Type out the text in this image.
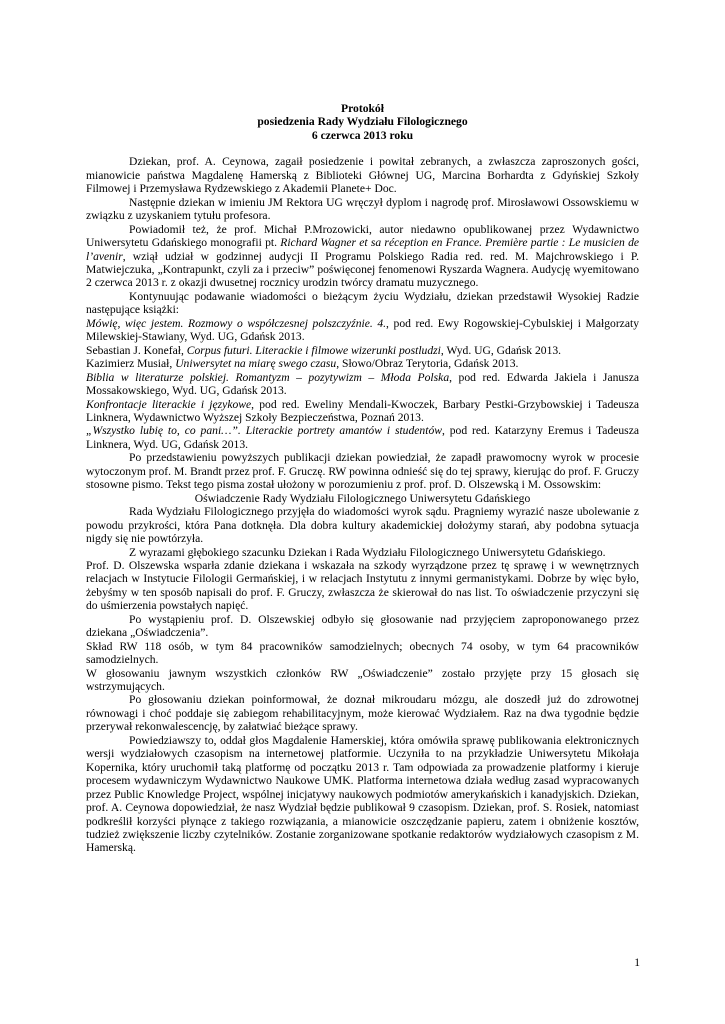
Protokół
posiedzenia Rady Wydziału Filologicznego
6 czerwca 2013 roku

Dziekan, prof. A. Ceynowa, zagaił posiedzenie i powitał zebranych, a zwłaszcza zaproszonych gości, mianowicie państwa Magdalenę Hamerską z Biblioteki Głównej UG, Marcina Borhardta z Gdyńskiej Szkoły Filmowej i Przemysława Rydzewskiego z Akademii Planete+ Doc.

Następnie dziekan w imieniu JM Rektora UG wręczył dyplom i nagrodę prof. Mirosławowi Ossowskiemu w związku z uzyskaniem tytułu profesora.

Powiadomił też, że prof. Michał P.Mrozowicki, autor niedawno opublikowanej przez Wydawnictwo Uniwersytetu Gdańskiego monografii pt. Richard Wagner et sa réception en France. Première partie : Le musicien de l’avenir, wziął udział w godzinnej audycji II Programu Polskiego Radia red. red. M. Majchrowskiego i P. Matwiejczuka, „Kontrapunkt, czyli za i przeciw” poświęconej fenomenowi Ryszarda Wagnera. Audycję wyemitowano 2 czerwca 2013 r. z okazji dwusetnej rocznicy urodzin twórcy dramatu muzycznego.

Kontynuując podawanie wiadomości o bieżącym życiu Wydziału, dziekan przedstawił Wysokiej Radzie następujące książki:

Mówię, więc jestem. Rozmowy o współczesnej polszczyźnie. 4., pod red. Ewy Rogowskiej-Cybulskiej i Małgorzaty Milewskiej-Stawiany, Wyd. UG, Gdańsk 2013.

Sebastian J. Konefał, Corpus futuri. Literackie i filmowe wizerunki postludzi, Wyd. UG, Gdańsk 2013.

Kazimierz Musiał, Uniwersytet na miarę swego czasu, Słowo/Obraz Terytoria, Gdańsk 2013.

Biblia w literaturze polskiej. Romantyzm – pozytywizm – Młoda Polska, pod red. Edwarda Jakiela i Janusza Mossakowskiego, Wyd. UG, Gdańsk 2013.

Konfrontacje literackie i językowe, pod red. Eweliny Mendali-Kwoczek, Barbary Pestki-Grzybowskiej i Tadeusza Linknera, Wydawnictwo Wyższej Szkoły Bezpieczeństwa, Poznań 2013.

„Wszystko lubię to, co pani…”. Literackie portrety amantów i studentów, pod red. Katarzyny Eremus i Tadeusza Linknera, Wyd. UG, Gdańsk 2013.

Po przedstawieniu powyższych publikacji dziekan powiedział, że zapadł prawomocny wyrok w procesie wytoczonym prof. M. Brandt przez prof. F. Gruczę. RW powinna odnieść się do tej sprawy, kierując do prof. F. Gruczy stosowne pismo. Tekst tego pisma został ułożony w porozumieniu z prof. prof. D. Olszewską i M. Ossowskim:

Oświadczenie Rady Wydziału Filologicznego Uniwersytetu Gdańskiego

Rada Wydziału Filologicznego przyjęła do wiadomości wyrok sądu. Pragniemy wyrazić nasze ubolewanie z powodu przykrości, która Pana dotknęła. Dla dobra kultury akademickiej dołożymy starań, aby podobna sytuacja nigdy się nie powtórzyła.

Z wyrazami głębokiego szacunku Dziekan i Rada Wydziału Filologicznego Uniwersytetu Gdańskiego.

Prof. D. Olszewska wsparła zdanie dziekana i wskazała na szkody wyrządzone przez tę sprawę i w wewnętrznych relacjach w Instytucie Filologii Germańskiej, i w relacjach Instytutu z innymi germanistykami. Dobrze by więc było, żebyśmy w ten sposób napisali do prof. F. Gruczy, zwłaszcza że skierował do nas list. To oświadczenie przyczyni się do uśmierzenia powstałych napięć.

Po wystąpieniu prof. D. Olszewskiej odbyło się głosowanie nad przyjęciem zaproponowanego przez dziekana „Oświadczenia”.

Skład RW 118 osób, w tym 84 pracowników samodzielnych; obecnych 74 osoby, w tym 64 pracowników samodzielnych.

W głosowaniu jawnym wszystkich członków RW „Oświadczenie” zostało przyjęte przy 15 głosach się wstrzymujących.

Po głosowaniu dziekan poinformował, że doznał mikroudaru mózgu, ale doszedł już do zdrowotnej równowagi i choć poddaje się zabiegom rehabilitacyjnym, może kierować Wydziałem. Raz na dwa tygodnie będzie przerywał rekonwalescencję, by załatwiać bieżące sprawy.

Powiedziawszy to, oddał głos Magdalenie Hamerskiej, która omówiła sprawę publikowania elektronicznych wersji wydziałowych czasopism na internetowej platformie. Uczyniła to na przykładzie Uniwersytetu Mikołaja Kopernika, który uruchomił taką platformę od początku 2013 r. Tam odpowiada za prowadzenie platformy i kieruje procesem wydawniczym Wydawnictwo Naukowe UMK. Platforma internetowa działa według zasad wypracowanych przez Public Knowledge Project, wspólnej inicjatywy naukowych podmiotów amerykańskich i kanadyjskich. Dziekan, prof. A. Ceynowa dopowiedział, że nasz Wydział będzie publikował 9 czasopism. Dziekan, prof. S. Rosiek, natomiast podkreślił korzyści płynące z takiego rozwiązania, a mianowicie oszczędzanie papieru, zatem i obniżenie kosztów, tudzież zwiększenie liczby czytelników. Zostanie zorganizowane spotkanie redaktorów wydziałowych czasopism z M. Hamerską.

1
